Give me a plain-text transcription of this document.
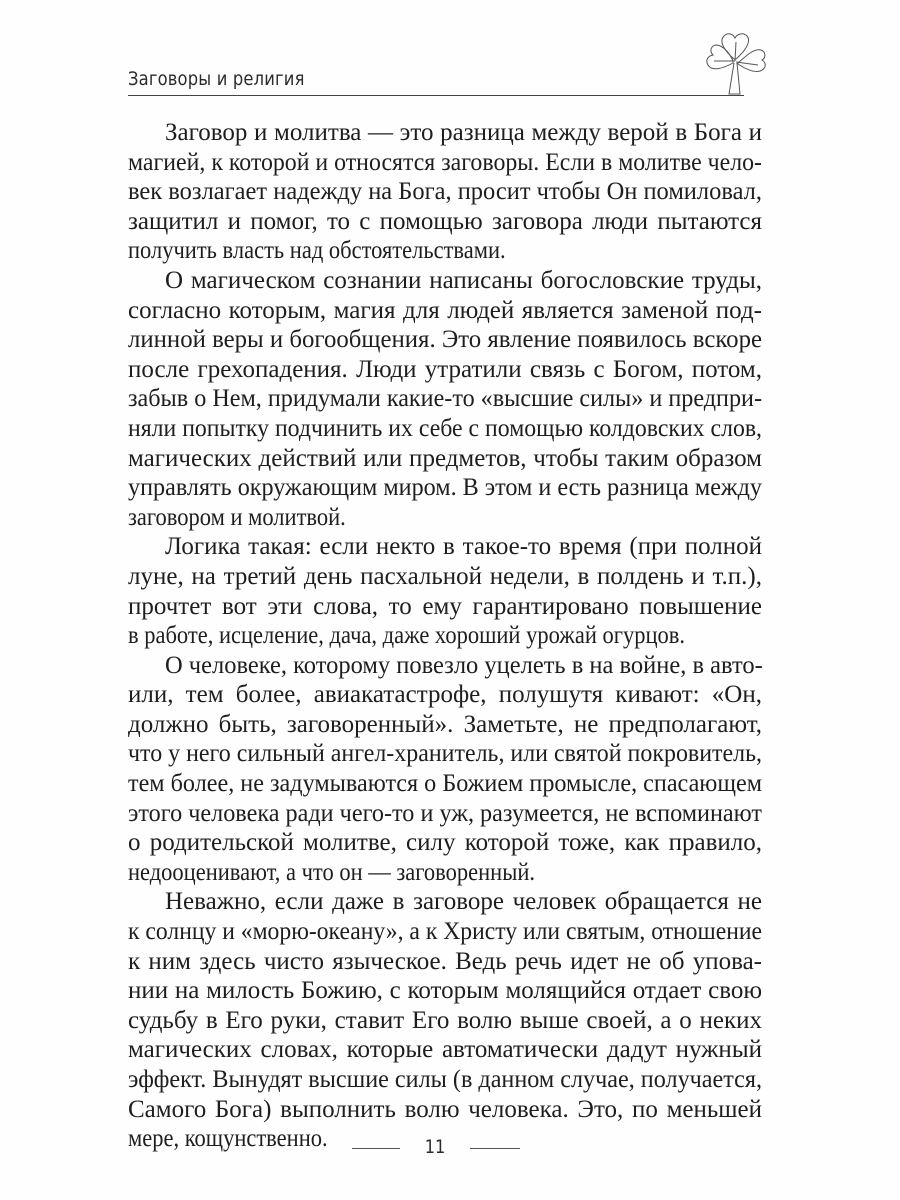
Заговоры и религия
Заговор и молитва — это разница между верой в Бога и
магией, к которой и относятся заговоры. Если в молитве чело-
век возлагает надежду на Бога, просит чтобы Он помиловал,
защитил и помог, то с помощью заговора люди пытаются
получить власть над обстоятельствами.
О магическом сознании написаны богословские труды,
согласно которым, магия для людей является заменой под-
линной веры и богообщения. Это явление появилось вскоре
после грехопадения. Люди утратили связь с Богом, потом,
забыв о Нем, придумали какие-то «высшие силы» и предпри-
няли попытку подчинить их себе с помощью колдовских слов,
магических действий или предметов, чтобы таким образом
управлять окружающим миром. В этом и есть разница между
заговором и молитвой.
Логика такая: если некто в такое-то время (при полной
луне, на третий день пасхальной недели, в полдень и т.п.),
прочтет вот эти слова, то ему гарантировано повышение
в работе, исцеление, дача, даже хороший урожай огурцов.
О человеке, которому повезло уцелеть в на войне, в авто-
или, тем более, авиакатастрофе, полушутя кивают: «Он,
должно быть, заговоренный». Заметьте, не предполагают,
что у него сильный ангел-хранитель, или святой покровитель,
тем более, не задумываются о Божием промысле, спасающем
этого человека ради чего-то и уж, разумеется, не вспоминают
о родительской молитве, силу которой тоже, как правило,
недооценивают, а что он — заговоренный.
Неважно, если даже в заговоре человек обращается не
к солнцу и «морю-океану», а к Христу или святым, отношение
к ним здесь чисто языческое. Ведь речь идет не об упова-
нии на милость Божию, с которым молящийся отдает свою
судьбу в Его руки, ставит Его волю выше своей, а о неких
магических словах, которые автоматически дадут нужный
эффект. Вынудят высшие силы (в данном случае, получается,
Самого Бога) выполнить волю человека. Это, по меньшей
мере, кощунственно.	11
